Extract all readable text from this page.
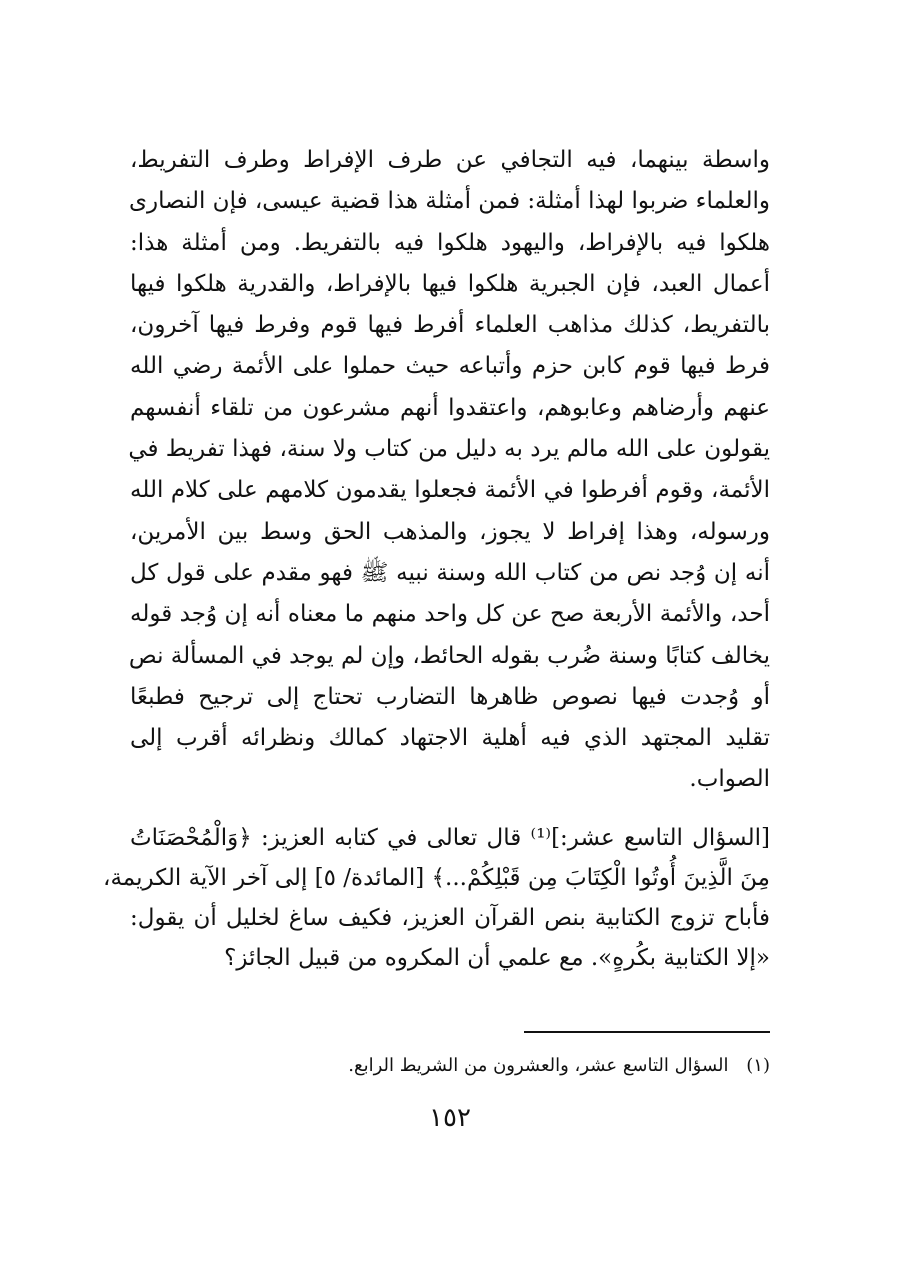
واسطة بينهما، فيه التجافي عن طرف الإفراط وطرف التفريط،
والعلماء ضربوا لهذا أمثلة: فمن أمثلة هذا قضية عيسى، فإن النصارى
هلكوا فيه بالإفراط، واليهود هلكوا فيه بالتفريط. ومن أمثلة هذا:
أعمال العبد، فإن الجبرية هلكوا فيها بالإفراط، والقدرية هلكوا فيها
بالتفريط، كذلك مذاهب العلماء أفرط فيها قوم وفرط فيها آخرون،
فرط فيها قوم كابن حزم وأتباعه حيث حملوا على الأئمة رضي الله
عنهم وأرضاهم وعابوهم، واعتقدوا أنهم مشرعون من تلقاء أنفسهم
يقولون على الله مالم يرد به دليل من كتاب ولا سنة، فهذا تفريط في
الأئمة، وقوم أفرطوا في الأئمة فجعلوا يقدمون كلامهم على كلام الله
ورسوله، وهذا إفراط لا يجوز، والمذهب الحق وسط بين الأمرين،
أنه إن وُجد نص من كتاب الله وسنة نبيه ﷺ فهو مقدم على قول كل
أحد، والأئمة الأربعة صح عن كل واحد منهم ما معناه أنه إن وُجد قوله
يخالف كتابًا وسنة ضُرب بقوله الحائط، وإن لم يوجد في المسألة نص
أو وُجدت فيها نصوص ظاهرها التضارب تحتاج إلى ترجيح فطبعًا
تقليد المجتهد الذي فيه أهلية الاجتهاد كمالك ونظرائه أقرب إلى
الصواب.
[السؤال التاسع عشر:]⁽¹⁾ قال تعالى في كتابه العزيز: ﴿وَالْمُحْصَنَاتُ
مِنَ الَّذِينَ أُوتُوا الْكِتَابَ مِن قَبْلِكُمْ...﴾ [المائدة/ ٥] إلى آخر الآية الكريمة،
فأباح تزوج الكتابية بنص القرآن العزيز، فكيف ساغ لخليل أن يقول:
«إلا الكتابية بكُرهٍ». مع علمي أن المكروه من قبيل الجائز؟
(١) السؤال التاسع عشر، والعشرون من الشريط الرابع.
١٥٢
